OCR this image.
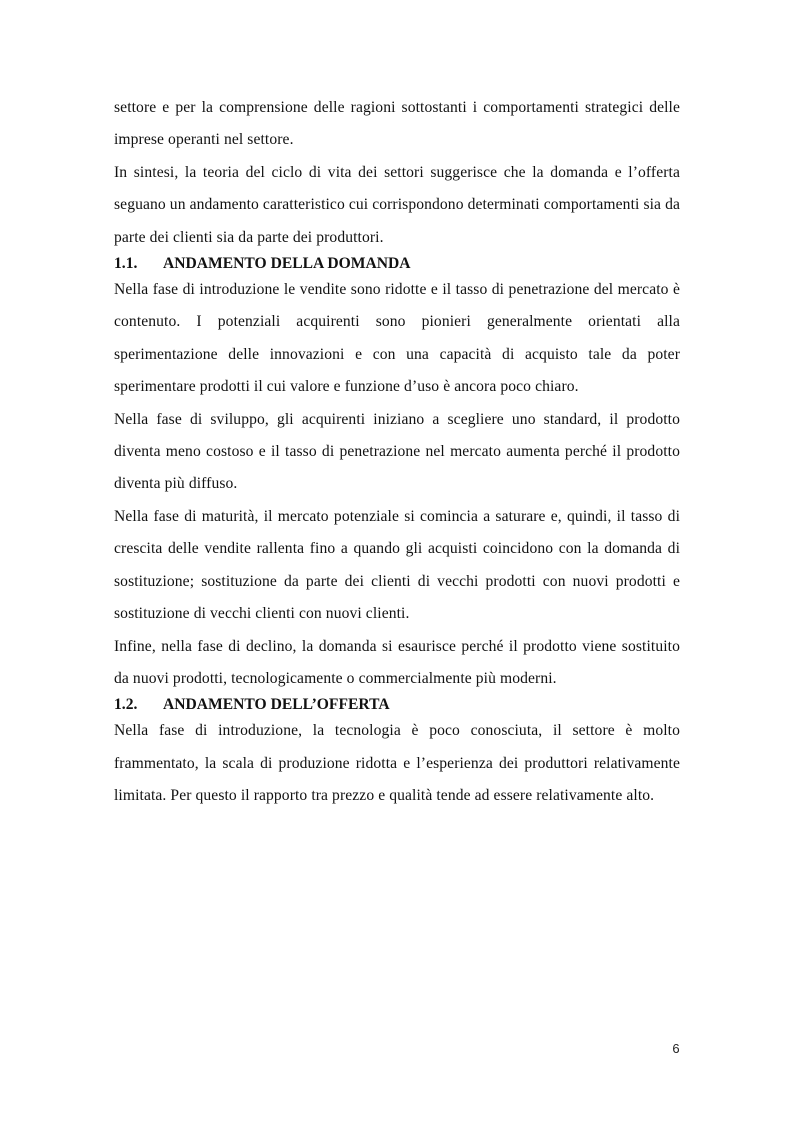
settore e per la comprensione delle ragioni sottostanti i comportamenti strategici delle imprese operanti nel settore.

In sintesi, la teoria del ciclo di vita dei settori suggerisce che la domanda e l’offerta seguano un andamento caratteristico cui corrispondono determinati comportamenti sia da parte dei clienti sia da parte dei produttori.

1.1.	ANDAMENTO DELLA DOMANDA

Nella fase di introduzione le vendite sono ridotte e il tasso di penetrazione del mercato è contenuto. I potenziali acquirenti sono pionieri generalmente orientati alla sperimentazione delle innovazioni e con una capacità di acquisto tale da poter sperimentare prodotti il cui valore e funzione d’uso è ancora poco chiaro.

Nella fase di sviluppo, gli acquirenti iniziano a scegliere uno standard, il prodotto diventa meno costoso e il tasso di penetrazione nel mercato aumenta perché il prodotto diventa più diffuso.

Nella fase di maturità, il mercato potenziale si comincia a saturare e, quindi, il tasso di crescita delle vendite rallenta fino a quando gli acquisti coincidono con la domanda di sostituzione; sostituzione da parte dei clienti di vecchi prodotti con nuovi prodotti e sostituzione di vecchi clienti con nuovi clienti.

Infine, nella fase di declino, la domanda si esaurisce perché il prodotto viene sostituito da nuovi prodotti, tecnologicamente o commercialmente più moderni.

1.2.	ANDAMENTO DELL’OFFERTA

Nella fase di introduzione, la tecnologia è poco conosciuta, il settore è molto frammentato, la scala di produzione ridotta e l’esperienza dei produttori relativamente limitata. Per questo il rapporto tra prezzo e qualità tende ad essere relativamente alto.

6
